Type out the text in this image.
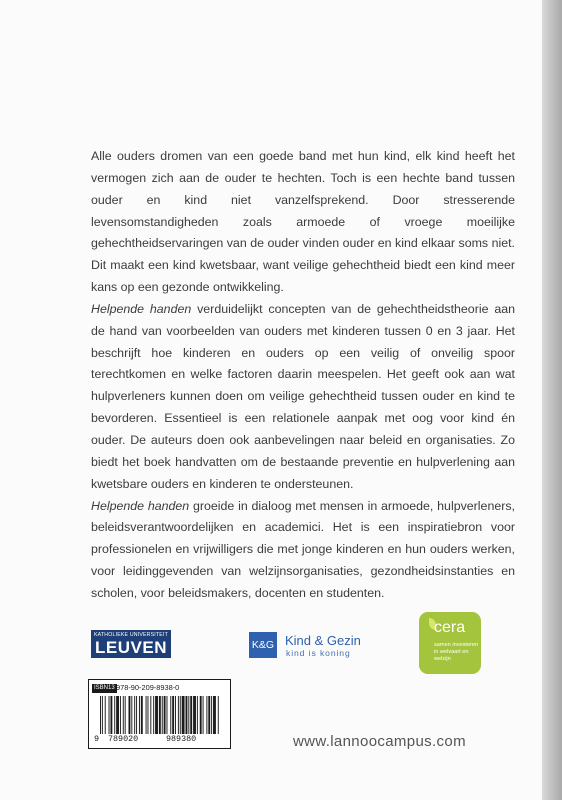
Alle ouders dromen van een goede band met hun kind, elk kind heeft het vermogen zich aan de ouder te hechten. Toch is een hechte band tussen ouder en kind niet vanzelfsprekend. Door stresserende levensomstandigheden zoals armoede of vroege moeilijke gehechtheidservaringen van de ouder vinden ouder en kind elkaar soms niet. Dit maakt een kind kwetsbaar, want veilige gehechtheid biedt een kind meer kans op een gezonde ontwikkeling.

Helpende handen verduidelijkt concepten van de gehechtheidstheorie aan de hand van voorbeelden van ouders met kinderen tussen 0 en 3 jaar. Het beschrijft hoe kinderen en ouders op een veilig of onveilig spoor terechtkomen en welke factoren daarin meespelen. Het geeft ook aan wat hulpverleners kunnen doen om veilige gehechtheid tussen ouder en kind te bevorderen. Essentieel is een relationele aanpak met oog voor kind én ouder. De auteurs doen ook aanbevelingen naar beleid en organisaties. Zo biedt het boek handvatten om de bestaande preventie en hulpverlening aan kwetsbare ouders en kinderen te ondersteunen.

Helpende handen groeide in dialoog met mensen in armoede, hulpverleners, beleidsverantwoordelijken en academici. Het is een inspiratiebron voor professionelen en vrijwilligers die met jonge kinderen en hun ouders werken, voor leidinggevenden van welzijnsorganisaties, gezondheidsinstanties en scholen, voor beleidsmakers, docenten en studenten.

KATHOLIEKE UNIVERSITEIT
LEUVEN	K&G Kind & Gezin
kind is koning
cera
samen investeren in welvaart en welzijn
ISBN13 978-90-209-8938-0
9 789020	989380	www.lannoocampus.com
